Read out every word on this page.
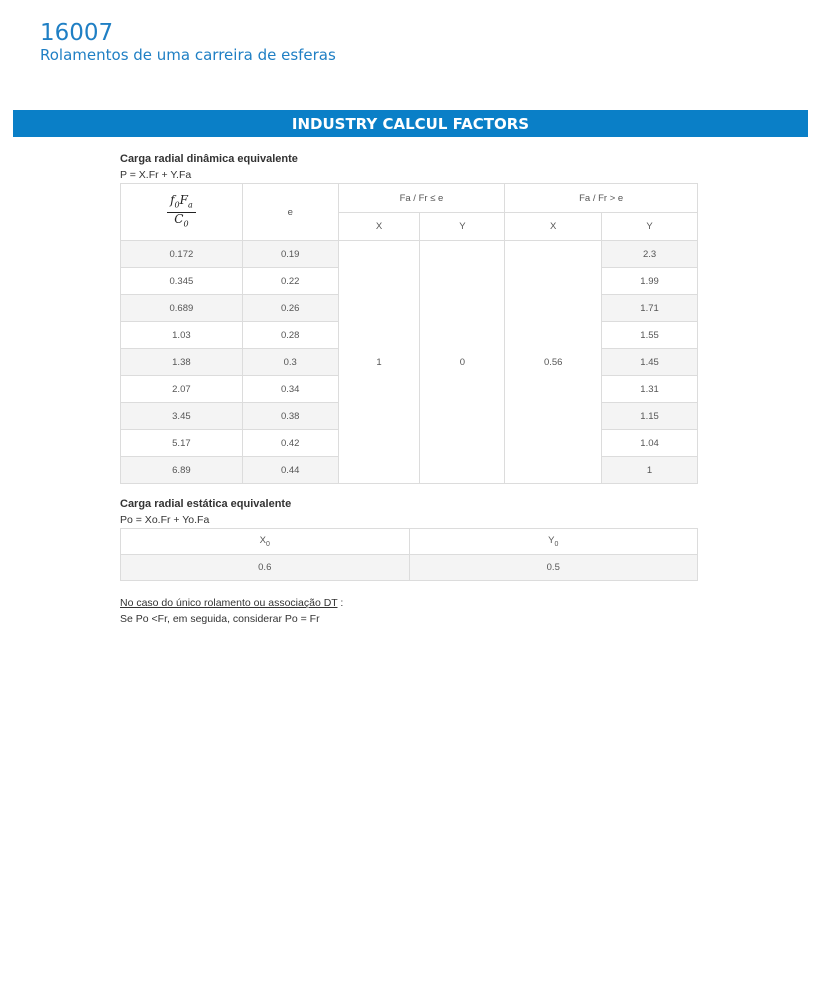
16007
Rolamentos de uma carreira de esferas
INDUSTRY CALCUL FACTORS
Carga radial dinâmica equivalente
P = X.Fr + Y.Fa
$\frac{f_0F_a}{C_0}$	e	Fa / Fr ≤ e		Fa / Fr > e	
		X	Y	X	Y
0.172	0.19	1	0	0.56	2.3
0.345	0.22				1.99
0.689	0.26				1.71
1.03	0.28				1.55
1.38	0.3				1.45
2.07	0.34				1.31
3.45	0.38				1.15
5.17	0.42				1.04
6.89	0.44				1
Carga radial estática equivalente
Po = Xo.Fr + Yo.Fa
$X_0$	$Y_0$
0.6	0.5
No caso do único rolamento ou associação DT :
Se Po <Fr, em seguida, considerar Po = Fr
